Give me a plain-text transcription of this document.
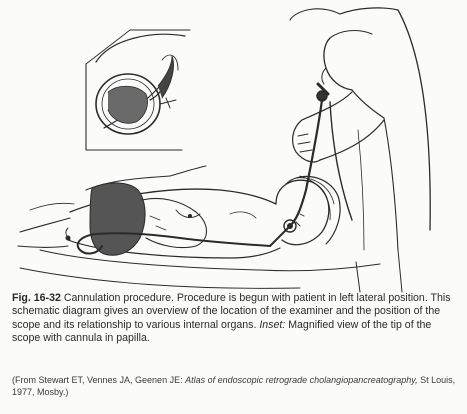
Fig. 16-32 Cannulation procedure. Procedure is begun with patient in left lateral position. This schematic diagram gives an overview of the location of the examiner and the position of the scope and its relationship to various internal organs. Inset: Magnified view of the tip of the scope with cannula in papilla.
(From Stewart ET, Vennes JA, Geenen JE: Atlas of endoscopic retrograde cholangiopancreatography, St Louis, 1977, Mosby.)
